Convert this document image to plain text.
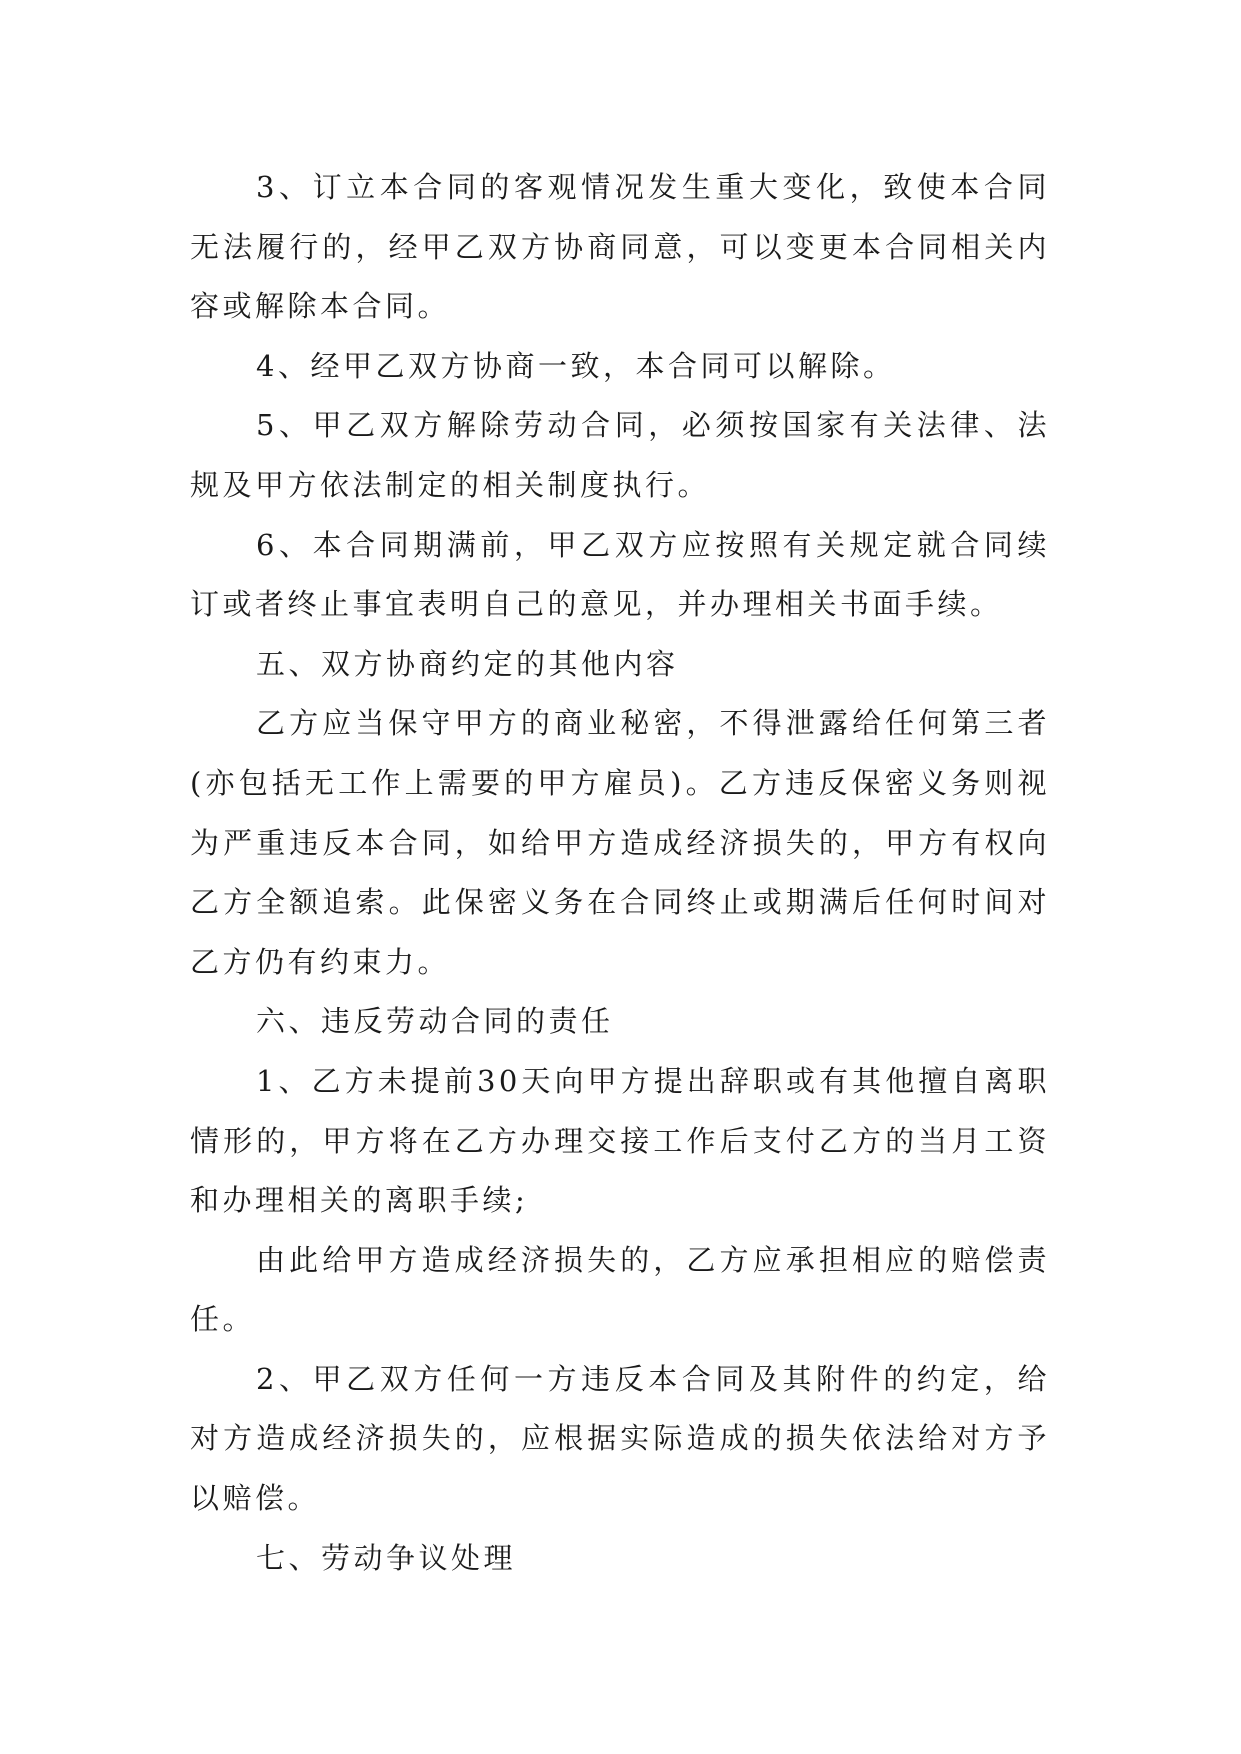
3、订立本合同的客观情况发生重大变化，致使本合同无法履行的，经甲乙双方协商同意，可以变更本合同相关内容或解除本合同。

4、经甲乙双方协商一致，本合同可以解除。

5、甲乙双方解除劳动合同，必须按国家有关法律、法规及甲方依法制定的相关制度执行。

6、本合同期满前，甲乙双方应按照有关规定就合同续订或者终止事宜表明自己的意见，并办理相关书面手续。

五、双方协商约定的其他内容

乙方应当保守甲方的商业秘密，不得泄露给任何第三者(亦包括无工作上需要的甲方雇员)。乙方违反保密义务则视为严重违反本合同，如给甲方造成经济损失的，甲方有权向乙方全额追索。此保密义务在合同终止或期满后任何时间对乙方仍有约束力。

六、违反劳动合同的责任

1、乙方未提前30天向甲方提出辞职或有其他擅自离职情形的，甲方将在乙方办理交接工作后支付乙方的当月工资和办理相关的离职手续;

由此给甲方造成经济损失的，乙方应承担相应的赔偿责任。

2、甲乙双方任何一方违反本合同及其附件的约定，给对方造成经济损失的，应根据实际造成的损失依法给对方予以赔偿。

七、劳动争议处理
